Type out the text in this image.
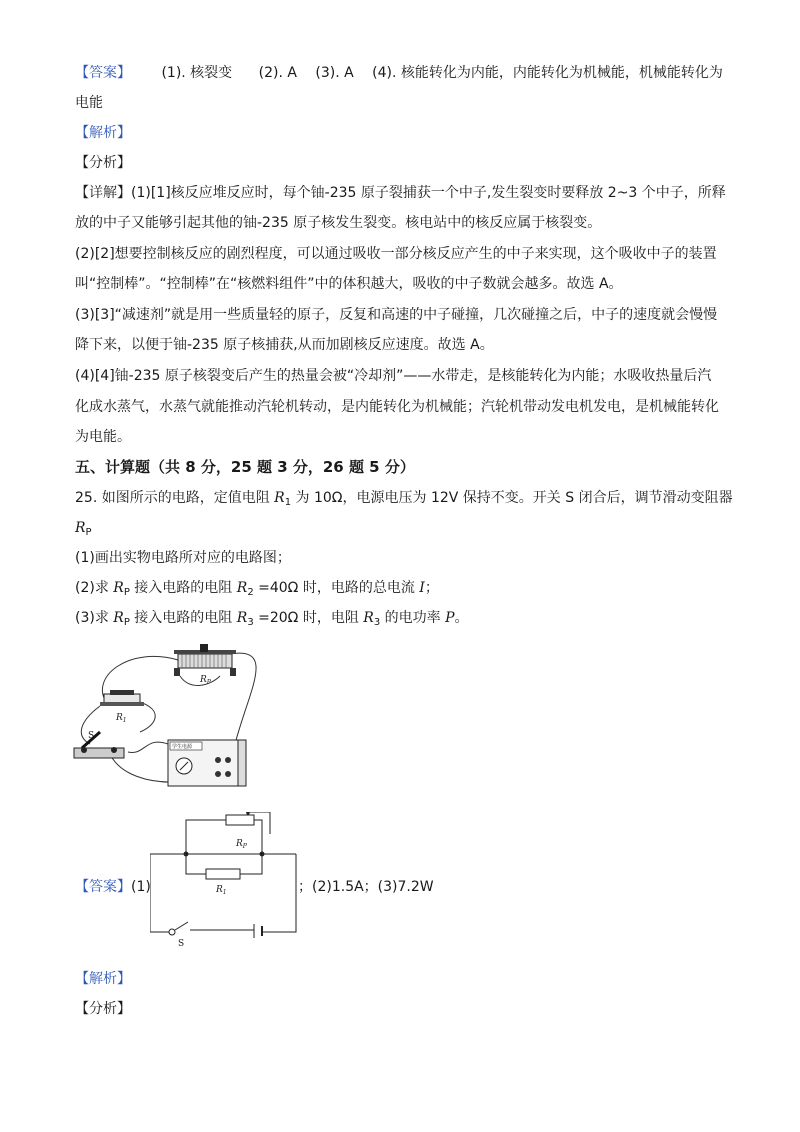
【答案】 (1). 核裂变 (2). A (3). A (4). 核能转化为内能，内能转化为机械能，机械能转化为
电能
【解析】
【分析】
【详解】(1)[1]核反应堆反应时，每个铀-235 原子裂捕获一个中子,发生裂变时要释放 2~3 个中子，所释
放的中子又能够引起其他的铀-235 原子核发生裂变。核电站中的核反应属于核裂变。
(2)[2]想要控制核反应的剧烈程度，可以通过吸收一部分核反应产生的中子来实现，这个吸收中子的装置
叫“控制棒”。“控制棒”在“核燃料组件”中的体积越大，吸收的中子数就会越多。故选 A。
(3)[3]“减速剂”就是用一些质量轻的原子，反复和高速的中子碰撞，几次碰撞之后，中子的速度就会慢慢
降下来，以便于铀-235 原子核捕获,从而加剧核反应速度。故选 A。
(4)[4]铀-235 原子核裂变后产生的热量会被“冷却剂”——水带走，是核能转化为内能；水吸收热量后汽
化成水蒸气，水蒸气就能推动汽轮机转动，是内能转化为机械能；汽轮机带动发电机发电，是机械能转化
为电能。
五、计算题（共 8 分，25 题 3 分，26 题 5 分）
25. 如图所示的电路，定值电阻 $R_1$ 为 10Ω，电源电压为 12V 保持不变。开关 S 闭合后，调节滑动变阻器
$R_P$
(1)画出实物电路所对应的电路图；
(2)求 $R_P$ 接入电路的电阻 $R_2 =40\Omega$ 时，电路的总电流 I；
(3)求 $R_P$ 接入电路的电阻 $R_3 =20\Omega$ 时，电阻 $R_3$ 的电功率 P。
$R_P$
$R_1$
S
学生电源
【答案】(1)	；(2)1.5A；(3)7.2W
$R_P$
$R_1$
S
【解析】
【分析】
